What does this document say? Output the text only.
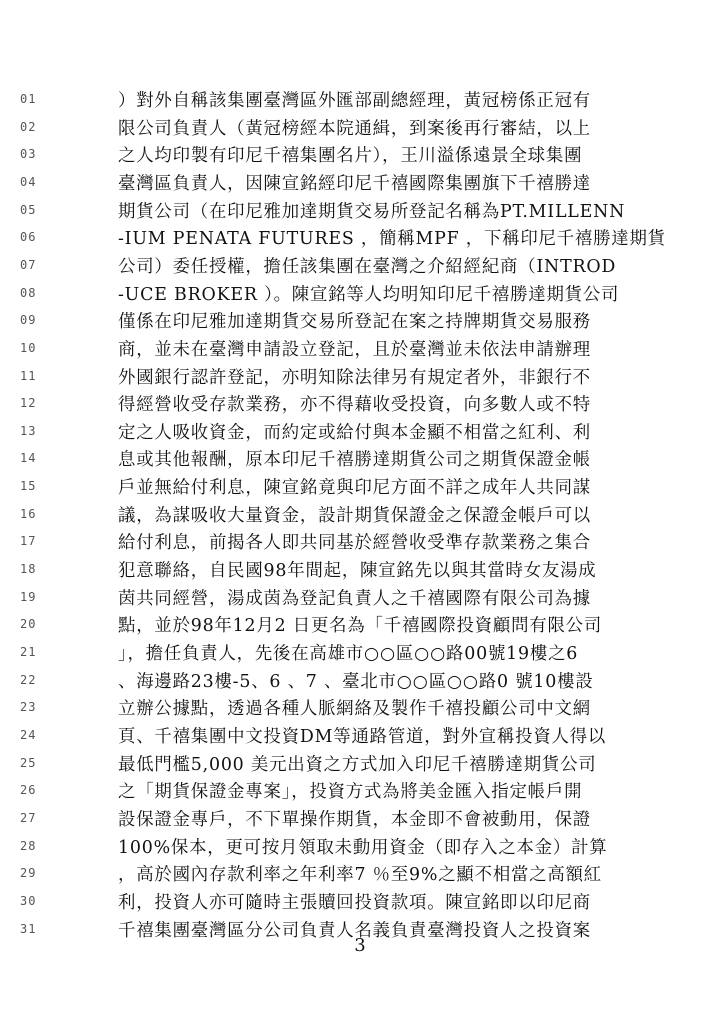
01	）對外自稱該集團臺灣區外匯部副總經理，黃冠榜係正冠有
02	限公司負責人（黃冠榜經本院通緝，到案後再行審結，以上
03	之人均印製有印尼千禧集團名片），王川溢係遠景全球集團
04	臺灣區負責人，因陳宣銘經印尼千禧國際集團旗下千禧勝達
05	期貨公司（在印尼雅加達期貨交易所登記名稱為PT.MILLENN
06	-IUM PENATA FUTURES ，簡稱MPF ，下稱印尼千禧勝達期貨
07	公司）委任授權，擔任該集團在臺灣之介紹經紀商（INTROD
08	-UCE BROKER ）。陳宣銘等人均明知印尼千禧勝達期貨公司
09	僅係在印尼雅加達期貨交易所登記在案之持牌期貨交易服務
10	商，並未在臺灣申請設立登記，且於臺灣並未依法申請辦理
11	外國銀行認許登記，亦明知除法律另有規定者外，非銀行不
12	得經營收受存款業務，亦不得藉收受投資，向多數人或不特
13	定之人吸收資金，而約定或給付與本金顯不相當之紅利、利
14	息或其他報酬，原本印尼千禧勝達期貨公司之期貨保證金帳
15	戶並無給付利息，陳宣銘竟與印尼方面不詳之成年人共同謀
16	議，為謀吸收大量資金，設計期貨保證金之保證金帳戶可以
17	給付利息，前揭各人即共同基於經營收受準存款業務之集合
18	犯意聯絡，自民國98年間起，陳宣銘先以與其當時女友湯成
19	茵共同經營，湯成茵為登記負責人之千禧國際有限公司為據
20	點，並於98年12月2 日更名為「千禧國際投資顧問有限公司
21	」，擔任負責人，先後在高雄市○○區○○路00號19樓之6
22	、海邊路23樓-5、6 、7 、臺北市○○區○○路0 號10樓設
23	立辦公據點，透過各種人脈網絡及製作千禧投顧公司中文網
24	頁、千禧集團中文投資DM等通路管道，對外宣稱投資人得以
25	最低門檻5,000 美元出資之方式加入印尼千禧勝達期貨公司
26	之「期貨保證金專案」，投資方式為將美金匯入指定帳戶開
27	設保證金專戶，不下單操作期貨，本金即不會被動用，保證
28	100%保本，更可按月領取未動用資金（即存入之本金）計算
29	，高於國內存款利率之年利率7 ％至9%之顯不相當之高額紅
30	利，投資人亦可隨時主張贖回投資款項。陳宣銘即以印尼商
31	千禧集團臺灣區分公司負責人名義負責臺灣投資人之投資案
3
